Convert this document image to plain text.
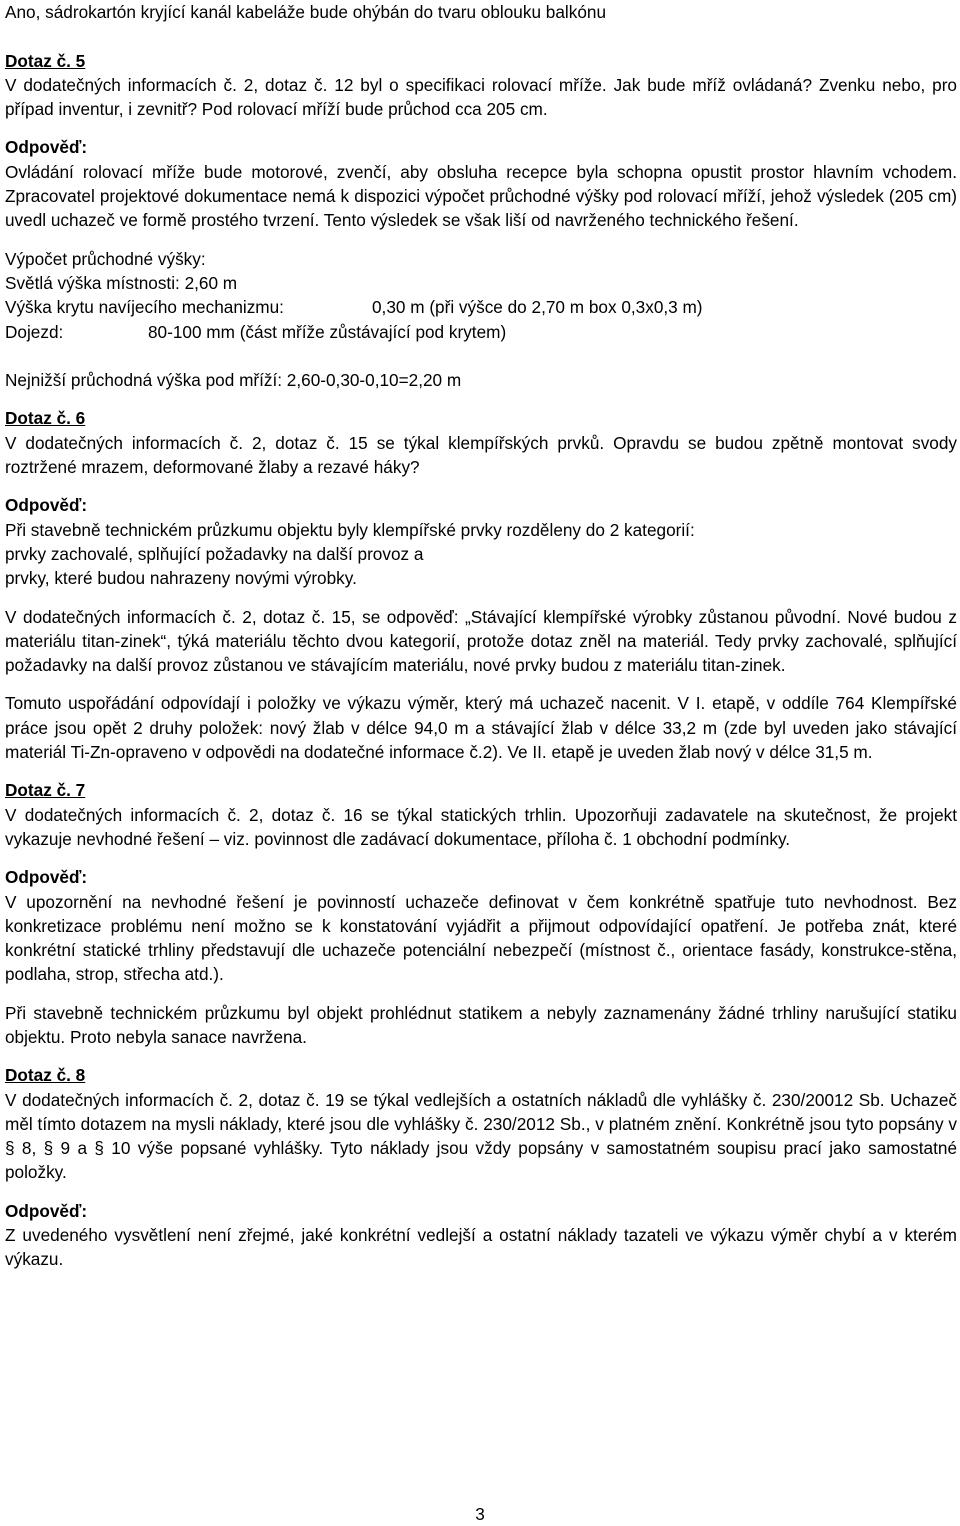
Ano, sádrokartón kryjící kanál kabeláže bude ohýbán do tvaru oblouku balkónu

Dotaz č. 5

V dodatečných informacích č. 2, dotaz č. 12 byl o specifikaci rolovací mříže. Jak bude mříž ovládaná? Zvenku nebo, pro případ inventur, i zevnitř? Pod rolovací mříží bude průchod cca 205 cm.

Odpověď:

Ovládání rolovací mříže bude motorové, zvenčí, aby obsluha recepce byla schopna opustit prostor hlavním vchodem. Zpracovatel projektové dokumentace nemá k dispozici výpočet průchodné výšky pod rolovací mříží, jehož výsledek (205 cm) uvedl uchazeč ve formě prostého tvrzení. Tento výsledek se však liší od navrženého technického řešení.

Výpočet průchodné výšky:

Světlá výška místnosti: 2,60 m

Výška krytu navíjecího mechanizmu:	0,30 m (při výšce do 2,70 m box 0,3x0,3 m)
Dojezd:	80-100 mm (část mříže zůstávající pod krytem)

Nejnižší průchodná výška pod mříží: 2,60-0,30-0,10=2,20 m

Dotaz č. 6

V dodatečných informacích č. 2, dotaz č. 15 se týkal klempířských prvků. Opravdu se budou zpětně montovat svody roztržené mrazem, deformované žlaby a rezavé háky?

Odpověď:

Při stavebně technickém průzkumu objektu byly klempířské prvky rozděleny do 2 kategorií:

prvky zachovalé, splňující požadavky na další provoz a

prvky, které budou nahrazeny novými výrobky.

V dodatečných informacích č. 2, dotaz č. 15, se odpověď: „Stávající klempířské výrobky zůstanou původní. Nové budou z materiálu titan-zinek“, týká materiálu těchto dvou kategorií, protože dotaz zněl na materiál. Tedy prvky zachovalé, splňující požadavky na další provoz zůstanou ve stávajícím materiálu, nové prvky budou z materiálu titan-zinek.

Tomuto uspořádání odpovídají i položky ve výkazu výměr, který má uchazeč nacenit. V I. etapě, v oddíle 764 Klempířské práce jsou opět 2 druhy položek: nový žlab v délce 94,0 m a stávající žlab v délce 33,2 m (zde byl uveden jako stávající materiál Ti-Zn-opraveno v odpovědi na dodatečné informace č.2). Ve II. etapě je uveden žlab nový v délce 31,5 m.

Dotaz č. 7

V dodatečných informacích č. 2, dotaz č. 16 se týkal statických trhlin. Upozorňuji zadavatele na skutečnost, že projekt vykazuje nevhodné řešení – viz. povinnost dle zadávací dokumentace, příloha č. 1 obchodní podmínky.

Odpověď:

V upozornění na nevhodné řešení je povinností uchazeče definovat v čem konkrétně spatřuje tuto nevhodnost. Bez konkretizace problému není možno se k konstatování vyjádřit a přijmout odpovídající opatření. Je potřeba znát, které konkrétní statické trhliny představují dle uchazeče potenciální nebezpečí (místnost č., orientace fasády, konstrukce-stěna, podlaha, strop, střecha atd.).

Při stavebně technickém průzkumu byl objekt prohlédnut statikem a nebyly zaznamenány žádné trhliny narušující statiku objektu. Proto nebyla sanace navržena.

Dotaz č. 8

V dodatečných informacích č. 2, dotaz č. 19 se týkal vedlejších a ostatních nákladů dle vyhlášky č. 230/20012 Sb. Uchazeč měl tímto dotazem na mysli náklady, které jsou dle vyhlášky č. 230/2012 Sb., v platném znění. Konkrétně jsou tyto popsány v § 8, § 9 a § 10 výše popsané vyhlášky. Tyto náklady jsou vždy popsány v samostatném soupisu prací jako samostatné položky.

Odpověď:

Z uvedeného vysvětlení není zřejmé, jaké konkrétní vedlejší a ostatní náklady tazateli ve výkazu výměr chybí a v kterém výkazu.

3
